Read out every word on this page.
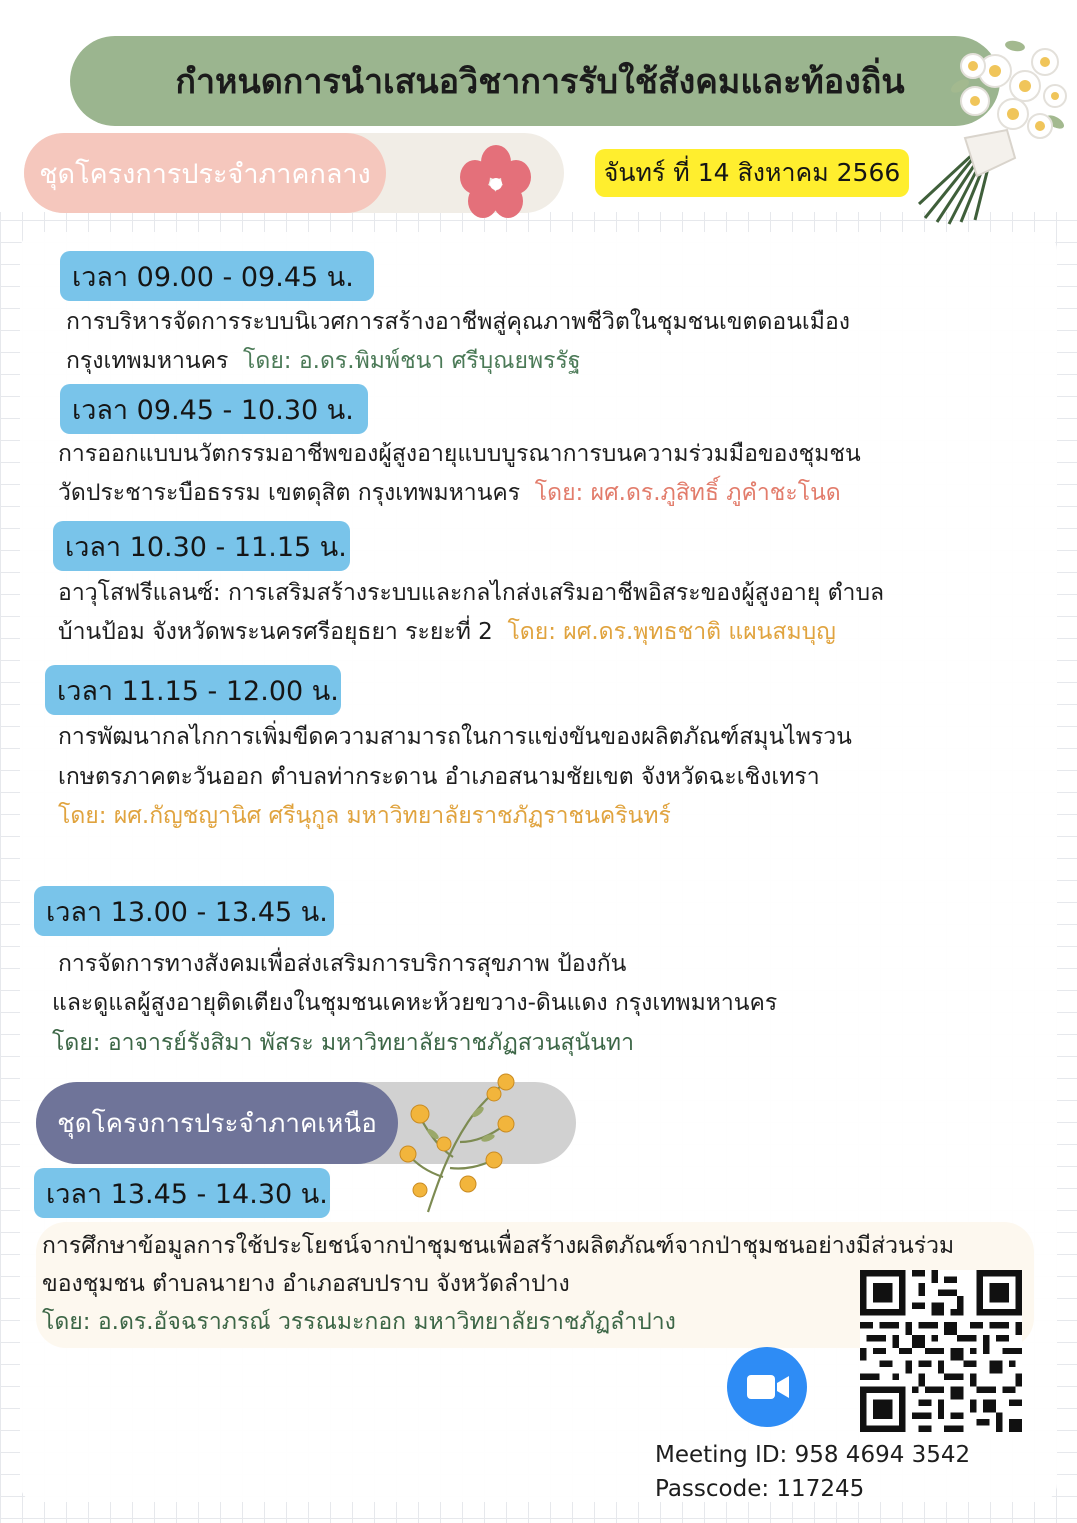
กำหนดการนำเสนอวิชาการรับใช้สังคมและท้องถิ่น
ชุดโครงการประจำภาคกลาง	จันทร์ ที่ 14 สิงหาคม 2566
เวลา 09.00 - 09.45 น.
การบริหารจัดการระบบนิเวศการสร้างอาชีพสู่คุณภาพชีวิตในชุมชนเขตดอนเมือง
กรุงเทพมหานคร โดย: อ.ดร.พิมพ์ชนา ศรีบุณยพรรัฐ
เวลา 09.45 - 10.30 น.
การออกแบบนวัตกรรมอาชีพของผู้สูงอายุแบบบูรณาการบนความร่วมมือของชุมชน
วัดประชาระบือธรรม เขตดุสิต กรุงเทพมหานคร โดย: ผศ.ดร.ภูสิทธิ์ ภูคำชะโนด
เวลา 10.30 - 11.15 น.
อาวุโสฟรีแลนซ์: การเสริมสร้างระบบและกลไกส่งเสริมอาชีพอิสระของผู้สูงอายุ ตำบล
บ้านป้อม จังหวัดพระนครศรีอยุธยา ระยะที่ 2 โดย: ผศ.ดร.พุทธชาติ แผนสมบุญ
เวลา 11.15 - 12.00 น.
การพัฒนากลไกการเพิ่มขีดความสามารถในการแข่งขันของผลิตภัณฑ์สมุนไพรวน
เกษตรภาคตะวันออก ตำบลท่ากระดาน อำเภอสนามชัยเขต จังหวัดฉะเชิงเทรา
โดย: ผศ.กัญชญานิศ ศรีนุกูล มหาวิทยาลัยราชภัฏราชนครินทร์
เวลา 13.00 - 13.45 น.
การจัดการทางสังคมเพื่อส่งเสริมการบริการสุขภาพ ป้องกัน
และดูแลผู้สูงอายุติดเตียงในชุมชนเคหะห้วยขวาง-ดินแดง กรุงเทพมหานคร
โดย: อาจารย์รังสิมา พัสระ มหาวิทยาลัยราชภัฏสวนสุนันทา
ชุดโครงการประจำภาคเหนือ
เวลา 13.45 - 14.30 น.
การศึกษาข้อมูลการใช้ประโยชน์จากป่าชุมชนเพื่อสร้างผลิตภัณฑ์จากป่าชุมชนอย่างมีส่วนร่วม
ของชุมชน ตำบลนายาง อำเภอสบปราบ จังหวัดลำปาง
โดย: อ.ดร.อัจฉราภรณ์ วรรณมะกอก มหาวิทยาลัยราชภัฏลำปาง
Meeting ID: 958 4694 3542
Passcode: 117245
